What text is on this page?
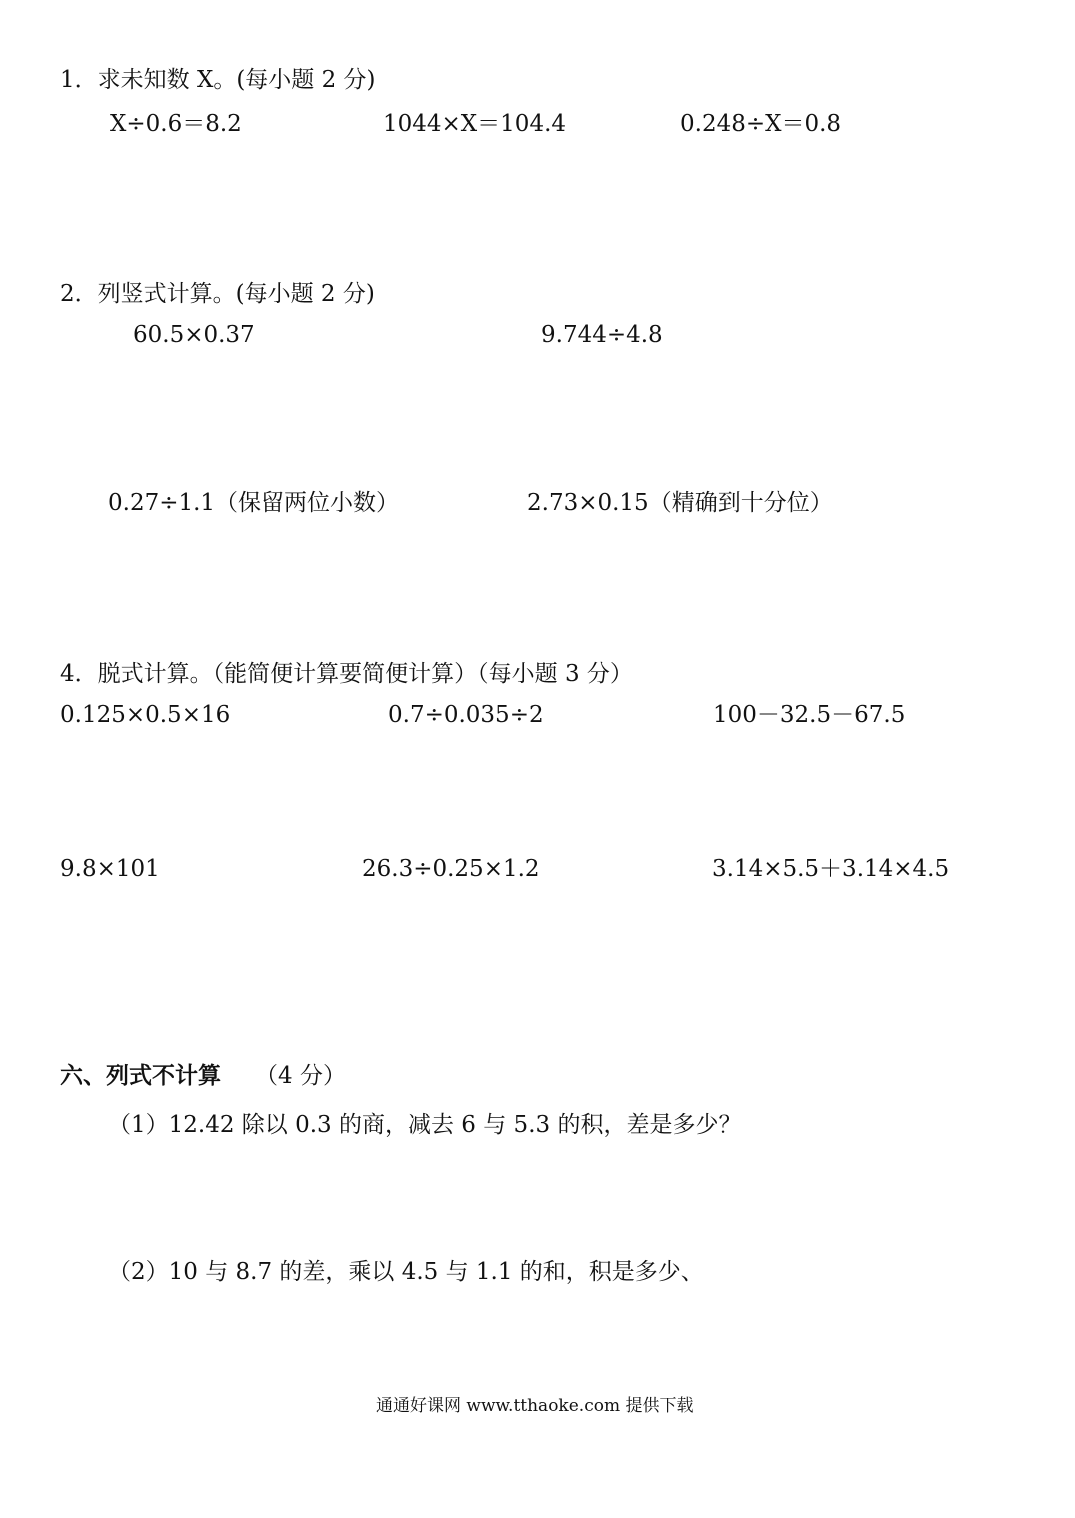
1．求未知数 X。(每小题 2 分)
X÷0.6＝8.2	1044×X＝104.4	0.248÷X＝0.8
2．列竖式计算。(每小题 2 分)
60.5×0.37	9.744÷4.8
0.27÷1.1（保留两位小数）	2.73×0.15（精确到十分位）
4．脱式计算。（能简便计算要简便计算）（每小题 3 分）
0.125×0.5×16	0.7÷0.035÷2	100－32.5－67.5
9.8×101	26.3÷0.25×1.2	3.14×5.5＋3.14×4.5
六、列式不计算 （4 分）
（1）12.42 除以 0.3 的商，减去 6 与 5.3 的积，差是多少？
（2）10 与 8.7 的差，乘以 4.5 与 1.1 的和，积是多少、
通通好课网 www.tthaoke.com 提供下载
